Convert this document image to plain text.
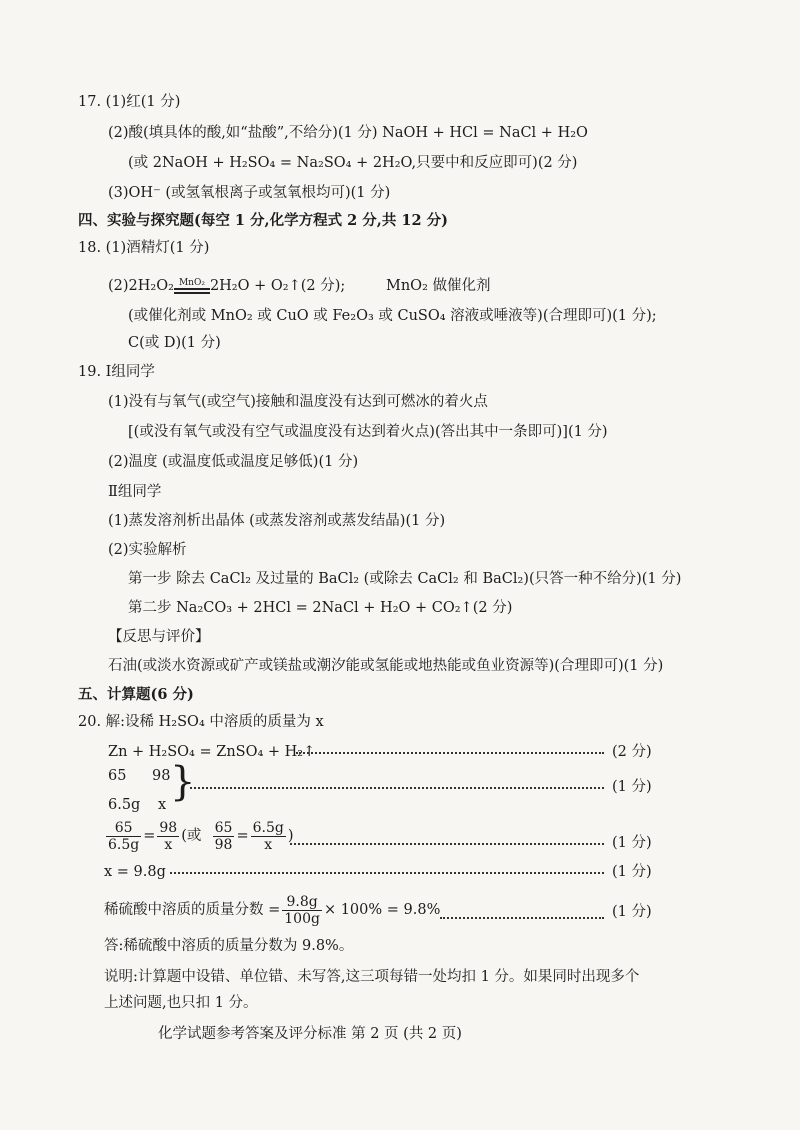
17. (1)红(1 分)
(2)酸(填具体的酸,如“盐酸”,不给分)(1 分) NaOH + HCl = NaCl + H₂O
(或 2NaOH + H₂SO₄ = Na₂SO₄ + 2H₂O,只要中和反应即可)(2 分)
(3)OH⁻ (或氢氧根离子或氢氧根均可)(1 分)
四、实验与探究题(每空 1 分,化学方程式 2 分,共 12 分)
18. (1)酒精灯(1 分)
(2)2H₂O₂ MnO₂ 2H₂O + O₂↑(2 分);	MnO₂ 做催化剂
(或催化剂或 MnO₂ 或 CuO 或 Fe₂O₃ 或 CuSO₄ 溶液或唾液等)(合理即可)(1 分);
C(或 D)(1 分)
19. Ⅰ组同学
(1)没有与氧气(或空气)接触和温度没有达到可燃冰的着火点
[(或没有氧气或没有空气或温度没有达到着火点)(答出其中一条即可)](1 分)
(2)温度 (或温度低或温度足够低)(1 分)
Ⅱ组同学
(1)蒸发溶剂析出晶体 (或蒸发溶剂或蒸发结晶)(1 分)
(2)实验解析
第一步 除去 CaCl₂ 及过量的 BaCl₂ (或除去 CaCl₂ 和 BaCl₂)(只答一种不给分)(1 分)
第二步 Na₂CO₃ + 2HCl = 2NaCl + H₂O + CO₂↑(2 分)
【反思与评价】
石油(或淡水资源或矿产或镁盐或潮汐能或氢能或地热能或鱼业资源等)(合理即可)(1 分)
五、计算题(6 分)
20. 解:设稀 H₂SO₄ 中溶质的质量为 x
Zn + H₂SO₄ = ZnSO₄ + H₂↑	(2 分)
65 98
6.5g x }	(1 分)
$\frac{65}{6.5g} = \frac{98}{x}$ (或 $\frac{65}{98} = \frac{6.5g}{x}$ )	(1 分)
x = 9.8g	(1 分)
稀硫酸中溶质的质量分数 = $\frac{9.8g}{100g} \times 100\% = 9.8\%$	(1 分)
答:稀硫酸中溶质的质量分数为 9.8%。
说明:计算题中设错、单位错、未写答,这三项每错一处均扣 1 分。如果同时出现多个
上述问题,也只扣 1 分。
化学试题参考答案及评分标准 第 2 页 (共 2 页)
